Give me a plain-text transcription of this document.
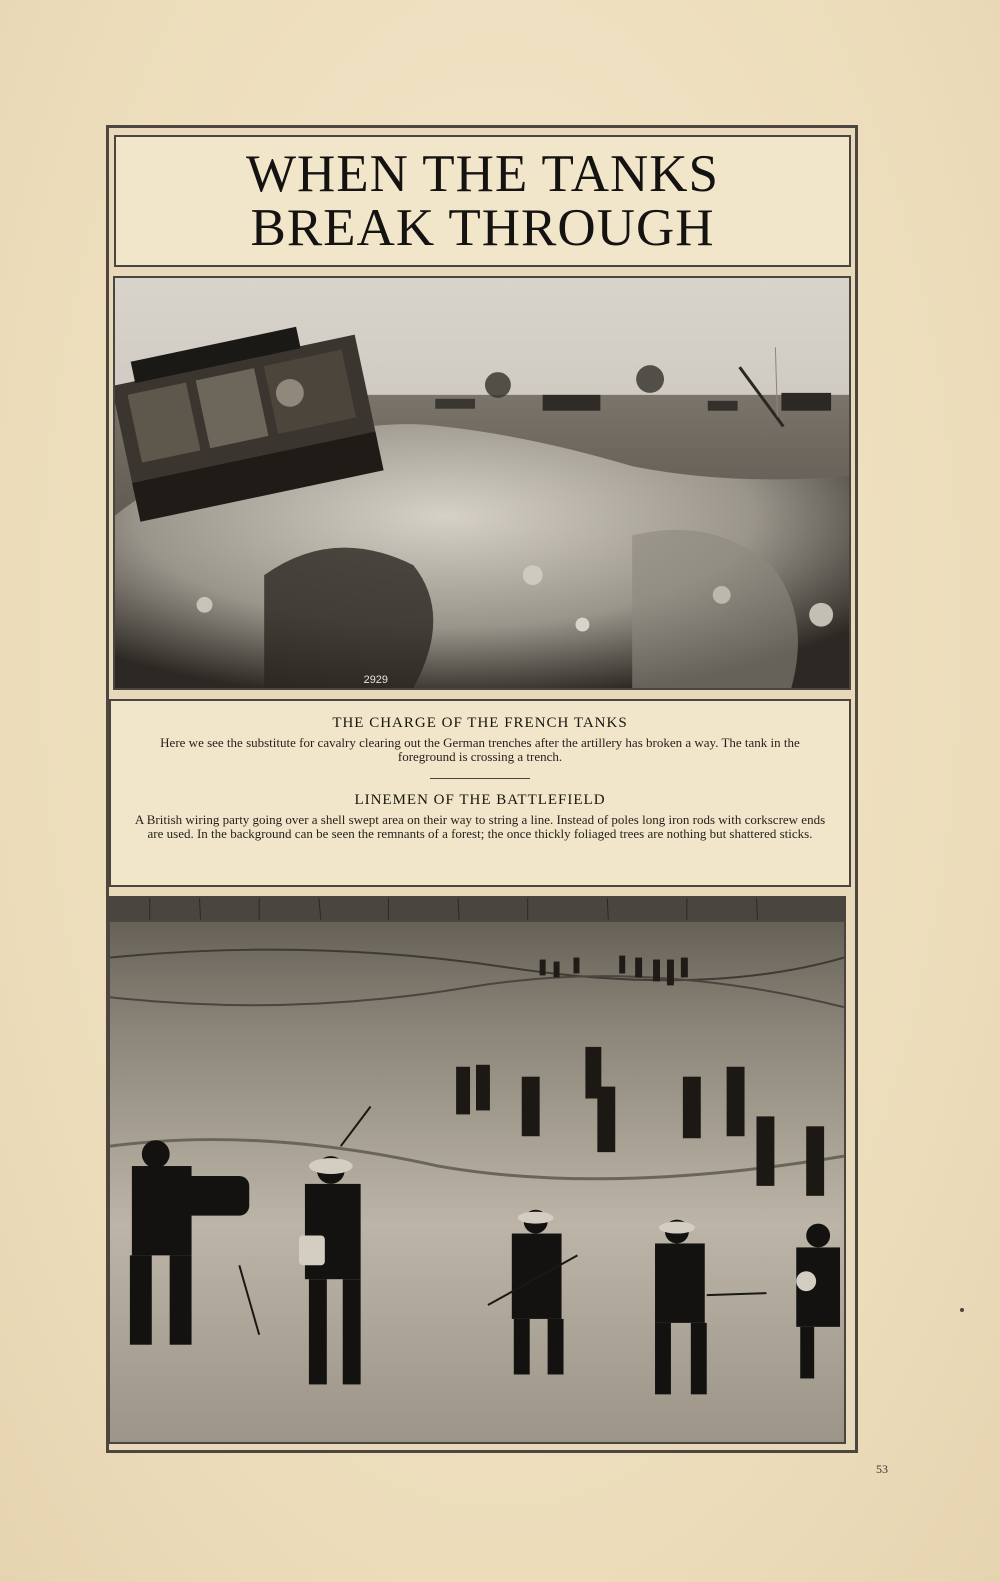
WHEN THE TANKS
BREAK THROUGH
2929

THE CHARGE OF THE FRENCH TANKS

Here we see the substitute for cavalry clearing out the German trenches after the artillery has broken a way. The tank in the foreground is crossing a trench.

LINEMEN OF THE BATTLEFIELD

A British wiring party going over a shell swept area on their way to string a line. Instead of poles long iron rods with corkscrew ends are used. In the background can be seen the remnants of a forest; the once thickly foliaged trees are nothing but shattered sticks.

53
